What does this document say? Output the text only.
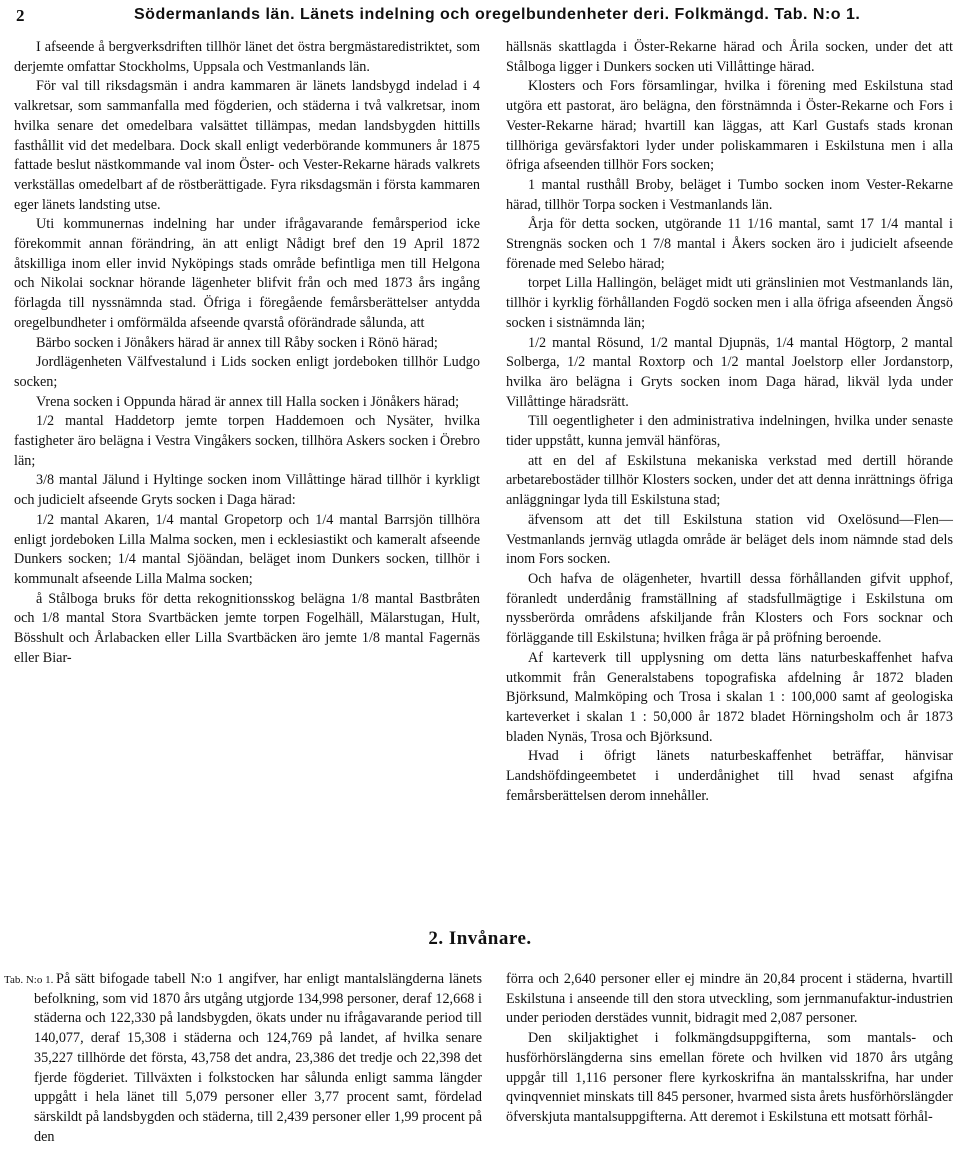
2	Södermanlands län. Länets indelning och oregelbundenheter deri. Folkmängd. Tab. N:o 1.

I afseende å bergverksdriften tillhör länet det östra bergmästaredistriktet, som derjemte omfattar Stockholms, Uppsala och Vestmanlands län.

För val till riksdagsmän i andra kammaren är länets landsbygd indelad i 4 valkretsar, som sammanfalla med fögderien, och städerna i två valkretsar, inom hvilka senare det omedelbara valsättet tillämpas, medan landsbygden hittills fasthållit vid det medelbara. Dock skall enligt vederbörande kommuners år 1875 fattade beslut nästkommande val inom Öster- och Vester-Rekarne härads valkrets verkställas omedelbart af de röstberättigade. Fyra riksdagsmän i första kammaren eger länets landsting utse.

Uti kommunernas indelning har under ifrågavarande femårsperiod icke förekommit annan förändring, än att enligt Nådigt bref den 19 April 1872 åtskilliga inom eller invid Nyköpings stads område befintliga men till Helgona och Nikolai socknar hörande lägenheter blifvit från och med 1873 års ingång förlagda till nyssnämnda stad. Öfriga i föregående femårsberättelser antydda oregelbundheter i omförmälda afseende qvarstå oförändrade sålunda, att

Bärbo socken i Jönåkers härad är annex till Råby socken i Rönö härad;

Jordlägenheten Välfvestalund i Lids socken enligt jordeboken tillhör Ludgo socken;

Vrena socken i Oppunda härad är annex till Halla socken i Jönåkers härad;

1/2 mantal Haddetorp jemte torpen Haddemoen och Nysäter, hvilka fastigheter äro belägna i Vestra Vingåkers socken, tillhöra Askers socken i Örebro län;

3/8 mantal Jälund i Hyltinge socken inom Villåttinge härad tillhör i kyrkligt och judicielt afseende Gryts socken i Daga härad:

1/2 mantal Akaren, 1/4 mantal Gropetorp och 1/4 mantal Barrsjön tillhöra enligt jordeboken Lilla Malma socken, men i ecklesiastikt och kameralt afseende Dunkers socken; 1/4 mantal Sjöändan, beläget inom Dunkers socken, tillhör i kommunalt afseende Lilla Malma socken;

å Stålboga bruks för detta rekognitionsskog belägna 1/8 mantal Bastbråten och 1/8 mantal Stora Svartbäcken jemte torpen Fogelhäll, Mälarstugan, Hult, Bösshult och Årlabacken eller Lilla Svartbäcken äro jemte 1/8 mantal Fagernäs eller Biar-

hällsnäs skattlagda i Öster-Rekarne härad och Årila socken, under det att Stålboga ligger i Dunkers socken uti Villåttinge härad.

Klosters och Fors församlingar, hvilka i förening med Eskilstuna stad utgöra ett pastorat, äro belägna, den förstnämnda i Öster-Rekarne och Fors i Vester-Rekarne härad; hvartill kan läggas, att Karl Gustafs stads kronan tillhöriga gevärsfaktori lyder under poliskammaren i Eskilstuna men i alla öfriga afseenden tillhör Fors socken;

1 mantal rusthåll Broby, beläget i Tumbo socken inom Vester-Rekarne härad, tillhör Torpa socken i Vestmanlands län.

Årja för detta socken, utgörande 11 1/16 mantal, samt 17 1/4 mantal i Strengnäs socken och 1 7/8 mantal i Åkers socken äro i judicielt afseende förenade med Selebo härad;

torpet Lilla Hallingön, beläget midt uti gränslinien mot Vestmanlands län, tillhör i kyrklig förhållanden Fogdö socken men i alla öfriga afseenden Ängsö socken i sistnämnda län;

1/2 mantal Rösund, 1/2 mantal Djupnäs, 1/4 mantal Högtorp, 2 mantal Solberga, 1/2 mantal Roxtorp och 1/2 mantal Joelstorp eller Jordanstorp, hvilka äro belägna i Gryts socken inom Daga härad, likväl lyda under Villåttinge häradsrätt.

Till oegentligheter i den administrativa indelningen, hvilka under senaste tider uppstått, kunna jemväl hänföras,

att en del af Eskilstuna mekaniska verkstad med dertill hörande arbetarebostäder tillhör Klosters socken, under det att denna inrättnings öfriga anläggningar lyda till Eskilstuna stad;

äfvensom att det till Eskilstuna station vid Oxelösund—Flen—Vestmanlands jernväg utlagda område är beläget dels inom nämnde stad dels inom Fors socken.

Och hafva de olägenheter, hvartill dessa förhållanden gifvit upphof, föranledt underdånig framställning af stadsfullmägtige i Eskilstuna om nyssberörda områdens afskiljande från Klosters och Fors socknar och förläggande till Eskilstuna; hvilken fråga är på pröfning beroende.

Af karteverk till upplysning om detta läns naturbeskaffenhet hafva utkommit från Generalstabens topografiska afdelning år 1872 bladen Björksund, Malmköping och Trosa i skalan 1 : 100,000 samt af geologiska karteverket i skalan 1 : 50,000 år 1872 bladet Hörningsholm och år 1873 bladen Nynäs, Trosa och Björksund.

Hvad i öfrigt länets naturbeskaffenhet beträffar, hänvisar Landshöfdingeembetet i underdånighet till hvad senast afgifna femårsberättelsen derom innehåller.

2. Invånare.
Tab. N:o 1. På sätt bifogade tabell N:o 1 angifver, har enligt mantalslängderna länets befolkning, som vid 1870 års utgång utgjorde 134,998 personer, deraf 12,668 i städerna och 122,330 på landsbygden, ökats under nu ifrågavarande period till 140,077, deraf 15,308 i städerna och 124,769 på landet, af hvilka senare 35,227 tillhörde det första, 43,758 det andra, 23,386 det tredje och 22,398 det fjerde fögderiet. Tillväxten i folkstocken har sålunda enligt samma längder uppgått i hela länet till 5,079 personer eller 3,77 procent samt, fördelad särskildt på landsbygden och städerna, till 2,439 personer eller 1,99 procent på den

förra och 2,640 personer eller ej mindre än 20,84 procent i städerna, hvartill Eskilstuna i anseende till den stora utveckling, som jernmanufaktur-industrien under perioden derstädes vunnit, bidragit med 2,087 personer.

Den skiljaktighet i folkmängdsuppgifterna, som mantals- och husförhörslängderna sins emellan förete och hvilken vid 1870 års utgång uppgår till 1,116 personer flere kyrkoskrifna än mantalsskrifna, har under qvinqvenniet minskats till 845 personer, hvarmed sista årets husförhörslängder öfverskjuta mantalsuppgifterna. Att deremot i Eskilstuna ett motsatt förhål-
